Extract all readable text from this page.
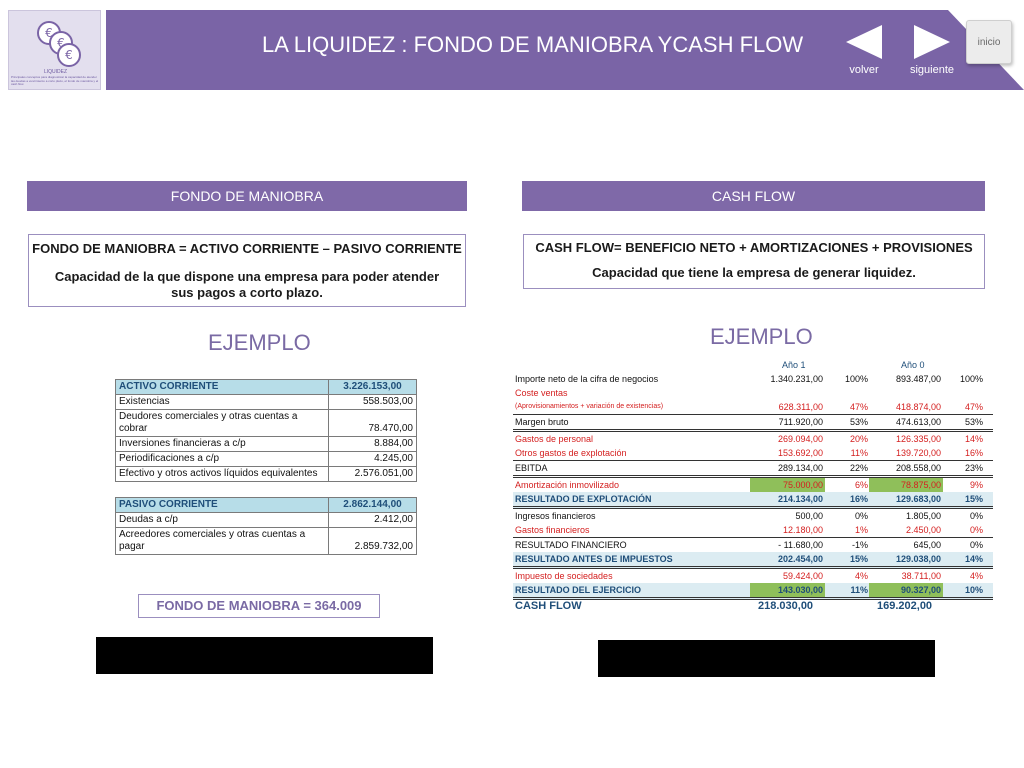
€
€
€
LIQUIDEZ
Principales conceptos para diagnosticar la capacidad de atender las deudas a vencimiento a corto plazo, el fondo de maniobra y el cash flow
LA LIQUIDEZ : FONDO DE MANIOBRA YCASH FLOW
volver	siguiente
inicio
FONDO DE MANIOBRA
FONDO DE MANIOBRA = ACTIVO CORRIENTE – PASIVO CORRIENTE
Capacidad de la que dispone una empresa para poder atender sus pagos a corto plazo.
EJEMPLO
ACTIVO CORRIENTE	3.226.153,00
Existencias	558.503,00
Deudores comerciales y otras cuentas a cobrar	78.470,00
Inversiones financieras a c/p	8.884,00
Periodificaciones a c/p	4.245,00
Efectivo y otros activos líquidos equivalentes	2.576.051,00
PASIVO CORRIENTE	2.862.144,00
Deudas a c/p	2.412,00
Acreedores comerciales y otras cuentas a pagar	2.859.732,00
FONDO DE MANIOBRA = 364.009
CASH FLOW
CASH FLOW= BENEFICIO NETO + AMORTIZACIONES + PROVISIONES
Capacidad que tiene la empresa de generar liquidez.
EJEMPLO
Año 1	Año 0
Importe neto de la cifra de negocios	1.340.231,00 100%	893.487,00 100%
Coste ventas
(Aprovisionamientos + variación de existencias)	628.311,00	47%	418.874,00	47%
Margen bruto	711.920,00	53%	474.613,00	53%
Gastos de personal	269.094,00	20%	126.335,00	14%
Otros gastos de explotación	153.692,00	11%	139.720,00	16%
EBITDA	289.134,00	22%	208.558,00	23%
Amortización inmovilizado	75.000,00	6%	78.875,00	9%
RESULTADO DE EXPLOTACIÓN	214.134,00	16%	129.683,00	15%
Ingresos financieros	500,00	0%	1.805,00	0%
Gastos financieros	12.180,00	1%	2.450,00	0%
RESULTADO FINANCIERO	- 11.680,00	-1%	645,00	0%
RESULTADO ANTES DE IMPUESTOS	202.454,00	15%	129.038,00	14%
Impuesto de sociedades	59.424,00	4%	38.711,00	4%
RESULTADO DEL EJERCICIO	143.030,00	11%	90.327,00	10%
CASH FLOW	218.030,00	169.202,00
